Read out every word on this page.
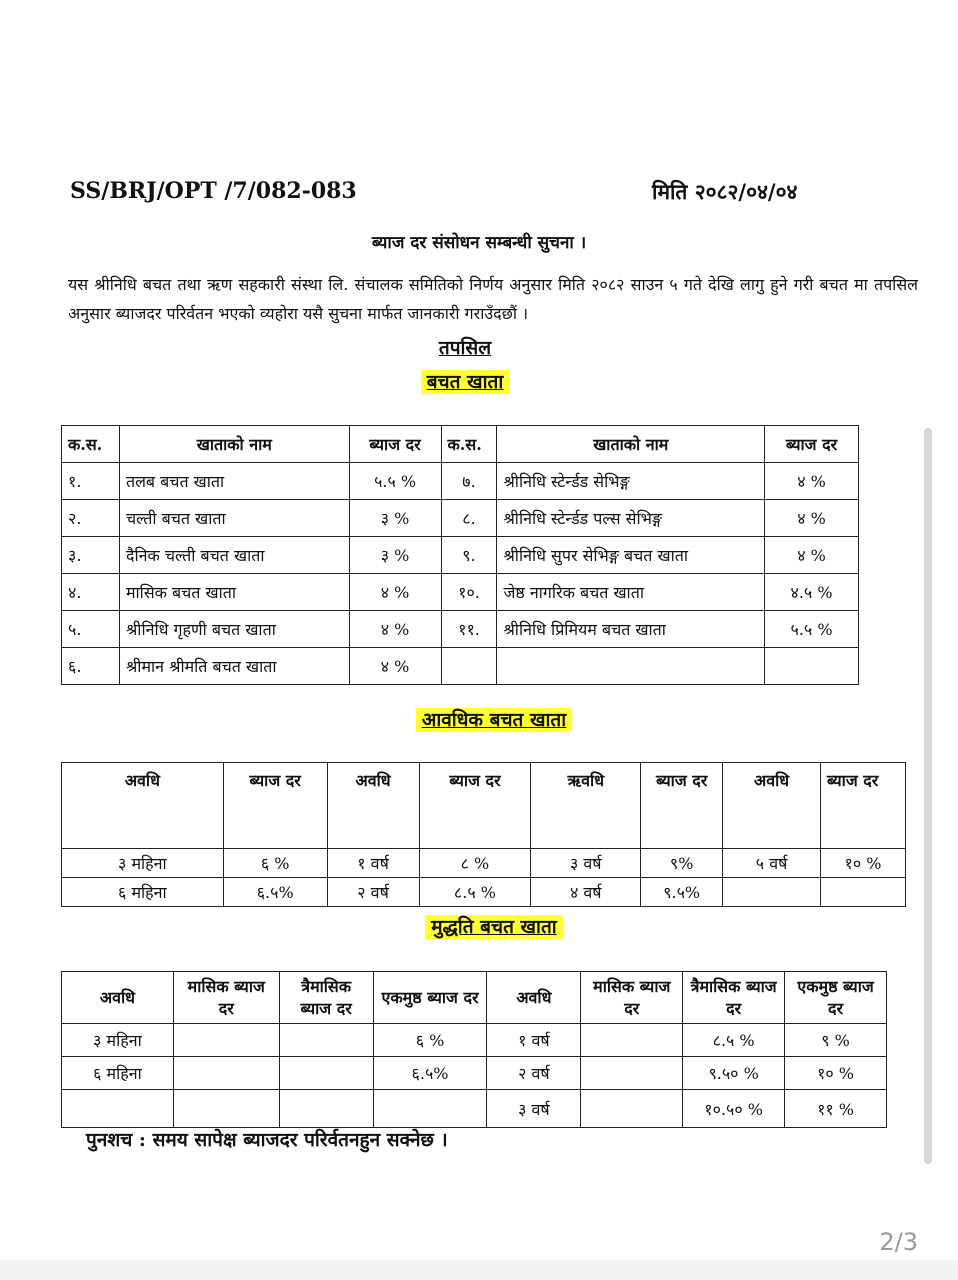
SS/BRJ/OPT /7/082-083	मिति २०८२/०४/०४
ब्याज दर संसोधन सम्बन्धी सुचना ।
यस श्रीनिधि बचत तथा ऋण सहकारी संस्था लि. संचालक समितिको निर्णय अनुसार मिति २०८२ साउन ५ गते देखि लागु हुने गरी बचत मा तपसिल अनुसार ब्याजदर परिर्वतन भएको व्यहोरा यसै सुचना मार्फत जानकारी गराउँदछौं ।
तपसिल
बचत खाता
क.स.	खाताको नाम	ब्याज दर	क.स.	खाताको नाम	ब्याज दर
१.	तलब बचत खाता	५.५ %	७.	श्रीनिधि स्टेर्न्डड सेभिङ्ग	४ %
२.	चल्ती बचत खाता	३ %	८.	श्रीनिधि स्टेर्न्डड पल्स सेभिङ्ग	४ %
३.	दैनिक चल्ती बचत खाता	३ %	९.	श्रीनिधि सुपर सेभिङ्ग बचत खाता	४ %
४.	मासिक बचत खाता	४ %	१०.	जेष्ठ नागरिक बचत खाता	४.५ %
५.	श्रीनिधि गृहणी बचत खाता	४ %	११.	श्रीनिधि प्रिमियम बचत खाता	५.५ %
६.	श्रीमान श्रीमति बचत खाता	४ %			
आवधिक बचत खाता
अवधि	ब्याज दर	अवधि	ब्याज दर	ऋवधि	ब्याज दर	अवधि	ब्याज दर
३ महिना	६ %	१ वर्ष	८ %	३ वर्ष	९%	५ वर्ष	१० %
६ महिना	६.५%	२ वर्ष	८.५ %	४ वर्ष	९.५%		
मुद्धति बचत खाता
अवधि	मासिक ब्याज दर	त्रैमासिक ब्याज दर	एकमुष्ठ ब्याज दर	अवधि	मासिक ब्याज दर	त्रैमासिक ब्याज दर	एकमुष्ठ ब्याज दर
३ महिना			६ %	१ वर्ष		८.५ %	९ %
६ महिना			६.५%	२ वर्ष		९.५० %	१० %
				३ वर्ष		१०.५० %	११ %
पुनशच : समय सापेक्ष ब्याजदर परिर्वतनहुन सक्नेछ ।
2/3
